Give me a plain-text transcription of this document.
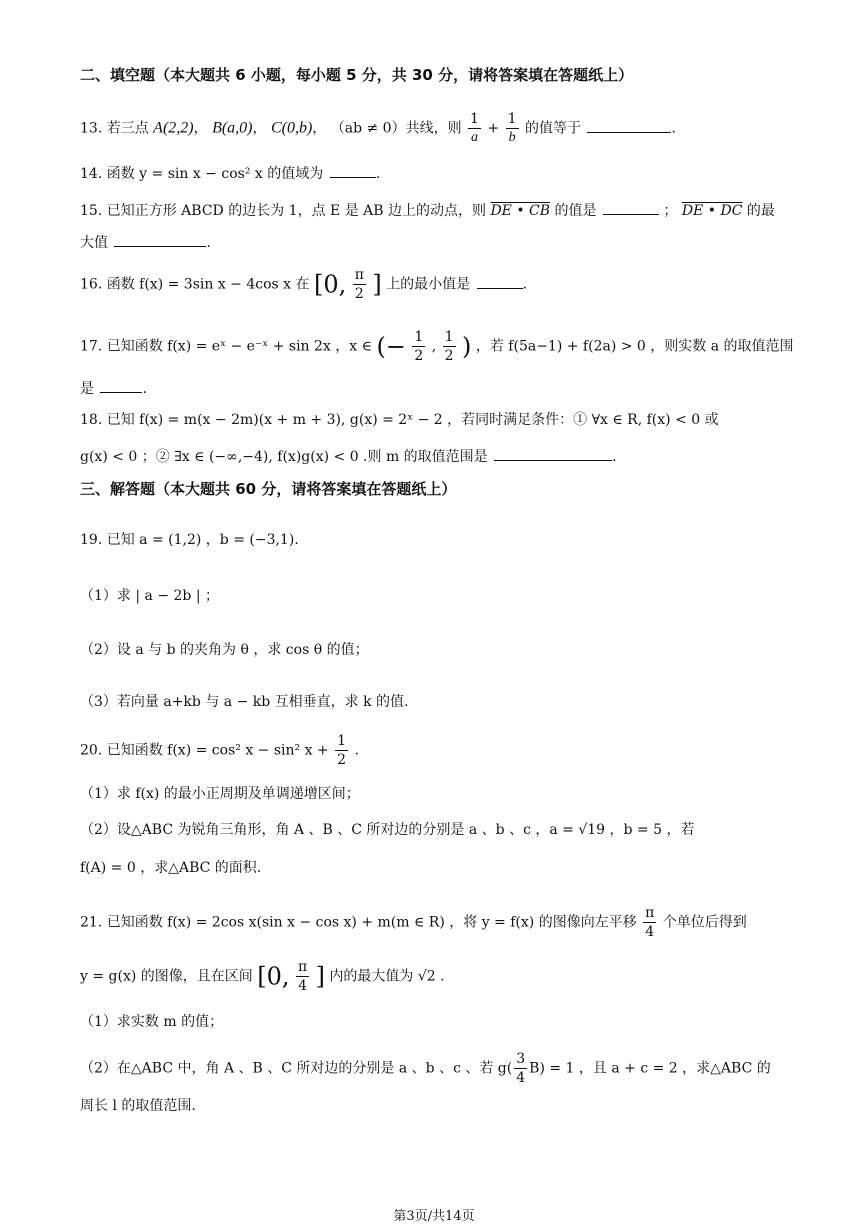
二、填空题（本大题共 6 小题，每小题 5 分，共 30 分，请将答案填在答题纸上）
13. 若三点 A(2,2)， B(a,0)， C(0,b)， （ab ≠ 0）共线，则 $\frac{1}{a} + \frac{1}{b}$ 的值等于	.
14. 函数 y = sin x − cos² x 的值域为	.
15. 已知正方形 ABCD 的边长为 1，点 E 是 AB 边上的动点，则 DE • CB 的值是	； DE • DC 的最
大值	.
16. 函数 f(x) = 3sin x − 4cos x 在 [0, $\frac{\pi}{2}$ ] 上的最小值是	.
17. 已知函数 f(x) = eˣ − e⁻ˣ + sin 2x ，x ∈ (− $\frac{1}{2}$ , $\frac{1}{2}$ ) ，若 f(5a−1) + f(2a) > 0 ，则实数 a 的取值范围
是	.
18. 已知 f(x) = m(x − 2m)(x + m + 3), g(x) = 2ˣ − 2 ，若同时满足条件：① ∀x ∈ R, f(x) < 0 或
g(x) < 0 ；② ∃x ∈ (−∞,−4), f(x)g(x) < 0 .则 m 的取值范围是	.
三、解答题（本大题共 60 分，请将答案填在答题纸上）
19. 已知 a = (1,2) ，b = (−3,1).
（1）求 | a − 2b | ；
（2）设 a 与 b 的夹角为 θ ，求 cos θ 的值；
（3）若向量 a+kb 与 a − kb 互相垂直，求 k 的值.
20. 已知函数 f(x) = cos² x − sin² $x + \frac{1}{2}$ .
（1）求 f(x) 的最小正周期及单调递增区间；
（2）设△ABC 为锐角三角形，角 A 、B 、C 所对边的分别是 a 、b 、c ，a = √19 ，b = 5 ，若
f(A) = 0 ，求△ABC 的面积.
21. 已知函数 f(x) = 2cos x(sin x − cos x) + m(m ∈ R) ，将 y = f(x) 的图像向左平移 $\frac{\pi}{4}$ 个单位后得到
y = g(x) 的图像，且在区间 [0, $\frac{\pi}{4}$ ] 内的最大值为 √2 .
（1）求实数 m 的值；
（2）在△ABC 中，角 A 、B 、C 所对边的分别是 a 、b 、c 、若 $g( \frac{3}{4} B) = 1$ ，且 a + c = 2 ，求△ABC 的
周长 l 的取值范围.
第3页/共14页
